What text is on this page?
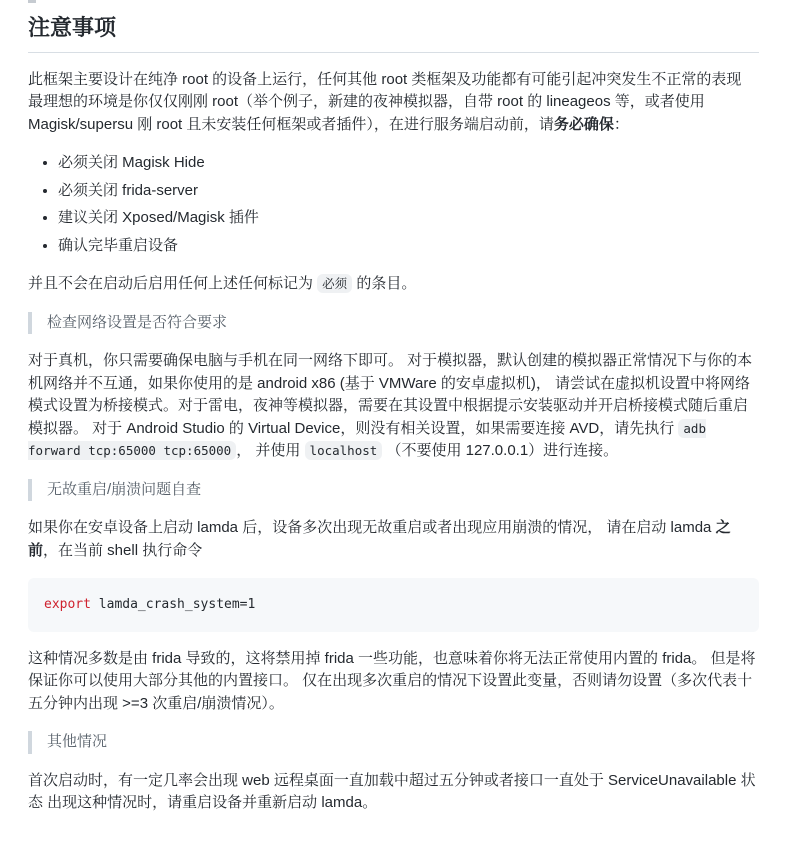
注意事项

此框架主要设计在纯净 root 的设备上运行，任何其他 root 类框架及功能都有可能引起冲突发生不正常的表现 最理想的环境是你仅仅刚刚 root（举个例子，新建的夜神模拟器，自带 root 的 lineageos 等，或者使用 Magisk/supersu 刚 root 且未安装任何框架或者插件），在进行服务端启动前，请务必确保：

• 必须关闭 Magisk Hide
• 必须关闭 frida-server
• 建议关闭 Xposed/Magisk 插件
• 确认完毕重启设备

并且不会在启动后启用任何上述任何标记为 必须 的条目。

检查网络设置是否符合要求

对于真机，你只需要确保电脑与手机在同一网络下即可。 对于模拟器，默认创建的模拟器正常情况下与你的本机网络并不互通，如果你使用的是 android x86 (基于 VMWare 的安卓虚拟机)， 请尝试在虚拟机设置中将网络模式设置为桥接模式。对于雷电，夜神等模拟器，需要在其设置中根据提示安装驱动并开启桥接模式随后重启模拟器。 对于 Android Studio 的 Virtual Device，则没有相关设置，如果需要连接 AVD，请先执行 adb forward tcp:65000 tcp:65000 ， 并使用 localhost （不要使用 127.0.0.1）进行连接。

无故重启/崩溃问题自查

如果你在安卓设备上启动 lamda 后，设备多次出现无故重启或者出现应用崩溃的情况， 请在启动 lamda 之前，在当前 shell 执行命令

export lamda_crash_system=1

这种情况多数是由 frida 导致的，这将禁用掉 frida 一些功能，也意味着你将无法正常使用内置的 frida。 但是将保证你可以使用大部分其他的内置接口。 仅在出现多次重启的情况下设置此变量，否则请勿设置（多次代表十五分钟内出现 >=3 次重启/崩溃情况）。

其他情况

首次启动时，有一定几率会出现 web 远程桌面一直加载中超过五分钟或者接口一直处于 ServiceUnavailable 状态 出现这种情况时，请重启设备并重新启动 lamda。
